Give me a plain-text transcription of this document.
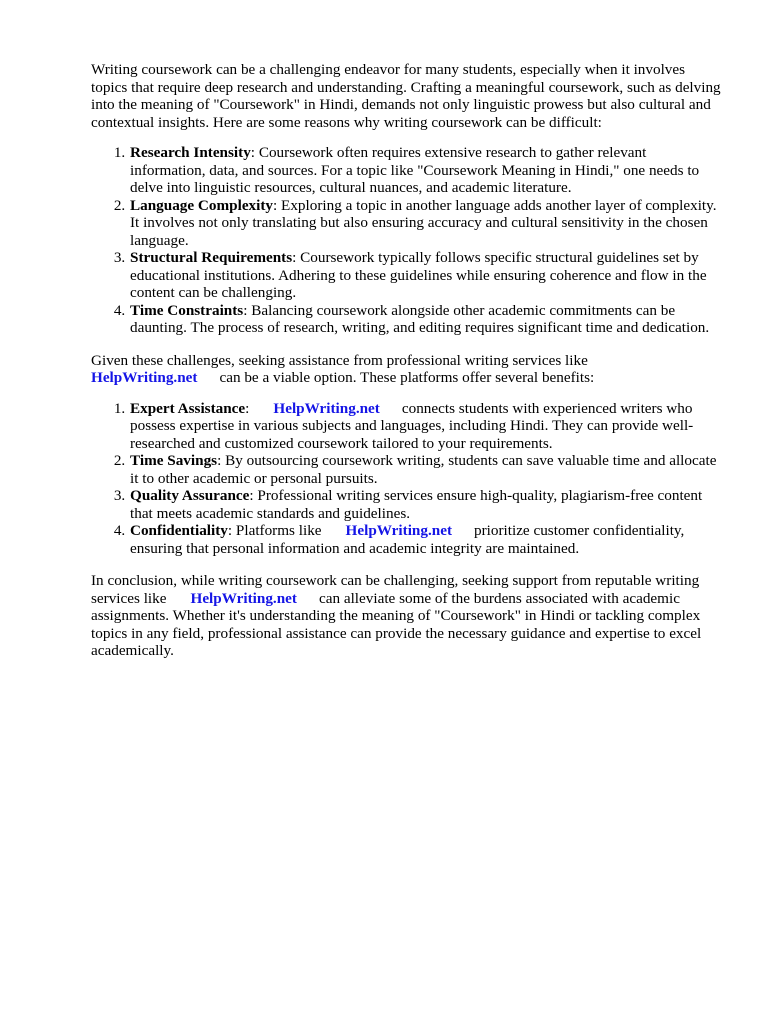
Writing coursework can be a challenging endeavor for many students, especially when it involves topics that require deep research and understanding. Crafting a meaningful coursework, such as delving into the meaning of "Coursework" in Hindi, demands not only linguistic prowess but also cultural and contextual insights. Here are some reasons why writing coursework can be difficult:

1. Research Intensity: Coursework often requires extensive research to gather relevant information, data, and sources. For a topic like "Coursework Meaning in Hindi," one needs to delve into linguistic resources, cultural nuances, and academic literature.
2. Language Complexity: Exploring a topic in another language adds another layer of complexity. It involves not only translating but also ensuring accuracy and cultural sensitivity in the chosen language.
3. Structural Requirements: Coursework typically follows specific structural guidelines set by educational institutions. Adhering to these guidelines while ensuring coherence and flow in the content can be challenging.
4. Time Constraints: Balancing coursework alongside other academic commitments can be daunting. The process of research, writing, and editing requires significant time and dedication.

Given these challenges, seeking assistance from professional writing services like
HelpWriting.net can be a viable option. These platforms offer several benefits:

1. Expert Assistance: HelpWriting.net connects students with experienced writers who possess expertise in various subjects and languages, including Hindi. They can provide well-researched and customized coursework tailored to your requirements.
2. Time Savings: By outsourcing coursework writing, students can save valuable time and allocate it to other academic or personal pursuits.
3. Quality Assurance: Professional writing services ensure high-quality, plagiarism-free content that meets academic standards and guidelines.
4. Confidentiality: Platforms like HelpWriting.net prioritize customer confidentiality, ensuring that personal information and academic integrity are maintained.

In conclusion, while writing coursework can be challenging, seeking support from reputable writing services like HelpWriting.net can alleviate some of the burdens associated with academic assignments. Whether it's understanding the meaning of "Coursework" in Hindi or tackling complex topics in any field, professional assistance can provide the necessary guidance and expertise to excel academically.
